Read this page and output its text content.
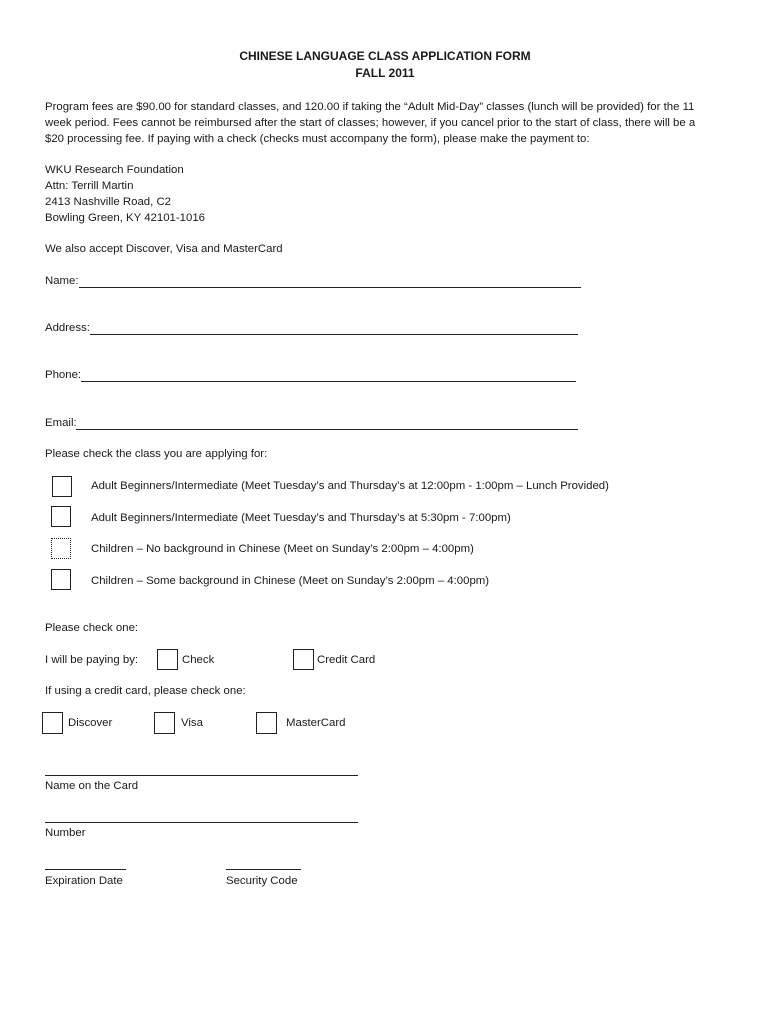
CHINESE LANGUAGE CLASS APPLICATION FORM
FALL 2011
Program fees are $90.00 for standard classes, and 120.00 if taking the “Adult Mid-Day” classes (lunch will be provided) for the 11 week period. Fees cannot be reimbursed after the start of classes; however, if you cancel prior to the start of class, there will be a $20 processing fee. If paying with a check (checks must accompany the form), please make the payment to:
WKU Research Foundation
Attn: Terrill Martin
2413 Nashville Road, C2
Bowling Green, KY 42101-1016
We also accept Discover, Visa and MasterCard
Name:
Address:
Phone:
Email:
Please check the class you are applying for:
Adult Beginners/Intermediate (Meet Tuesday’s and Thursday’s at 12:00pm - 1:00pm – Lunch Provided)
Adult Beginners/Intermediate (Meet Tuesday’s and Thursday’s at 5:30pm - 7:00pm)
Children – No background in Chinese (Meet on Sunday’s 2:00pm – 4:00pm)
Children – Some background in Chinese (Meet on Sunday’s 2:00pm – 4:00pm)
Please check one:
I will be paying by:	Check	Credit Card
If using a credit card, please check one:
Discover	Visa	MasterCard
Name on the Card
Number
Expiration Date	Security Code
